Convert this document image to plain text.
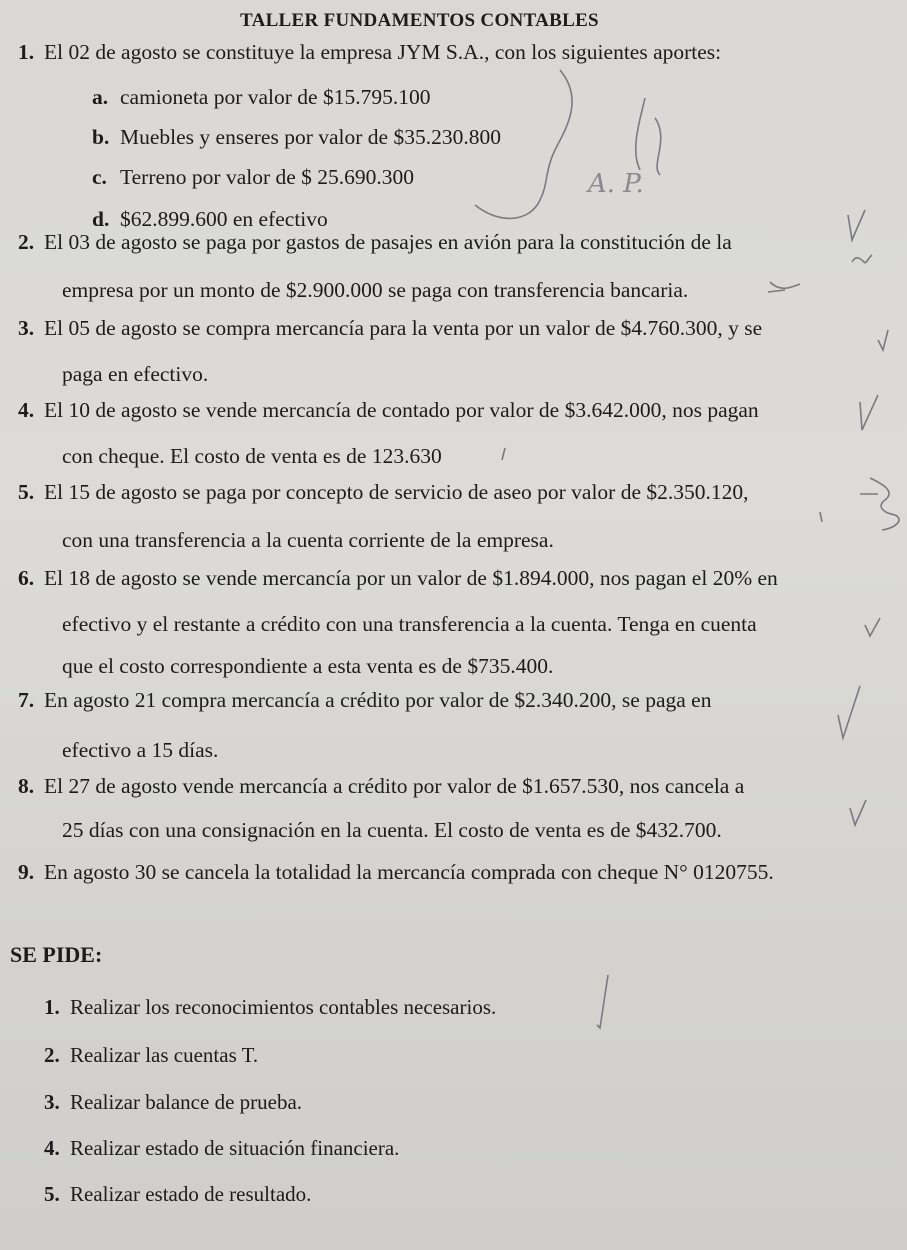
TALLER FUNDAMENTOS CONTABLES
1. El 02 de agosto se constituye la empresa JYM S.A., con los siguientes aportes:
a. camioneta por valor de $15.795.100
b. Muebles y enseres por valor de $35.230.800
c. Terreno por valor de $ 25.690.300
d. $62.899.600 en efectivo
2. El 03 de agosto se paga por gastos de pasajes en avión para la constitución de la
empresa por un monto de $2.900.000 se paga con transferencia bancaria.
3. El 05 de agosto se compra mercancía para la venta por un valor de $4.760.300, y se
paga en efectivo.
4. El 10 de agosto se vende mercancía de contado por valor de $3.642.000, nos pagan
con cheque. El costo de venta es de 123.630
5. El 15 de agosto se paga por concepto de servicio de aseo por valor de $2.350.120,
con una transferencia a la cuenta corriente de la empresa.
6. El 18 de agosto se vende mercancía por un valor de $1.894.000, nos pagan el 20% en
efectivo y el restante a crédito con una transferencia a la cuenta. Tenga en cuenta
que el costo correspondiente a esta venta es de $735.400.
7. En agosto 21 compra mercancía a crédito por valor de $2.340.200, se paga en
efectivo a 15 días.
8. El 27 de agosto vende mercancía a crédito por valor de $1.657.530, nos cancela a
25 días con una consignación en la cuenta. El costo de venta es de $432.700.
9. En agosto 30 se cancela la totalidad la mercancía comprada con cheque N° 0120755.
SE PIDE:
1. Realizar los reconocimientos contables necesarios.
2. Realizar las cuentas T.
3. Realizar balance de prueba.
4. Realizar estado de situación financiera.
5. Realizar estado de resultado.
A. P.
